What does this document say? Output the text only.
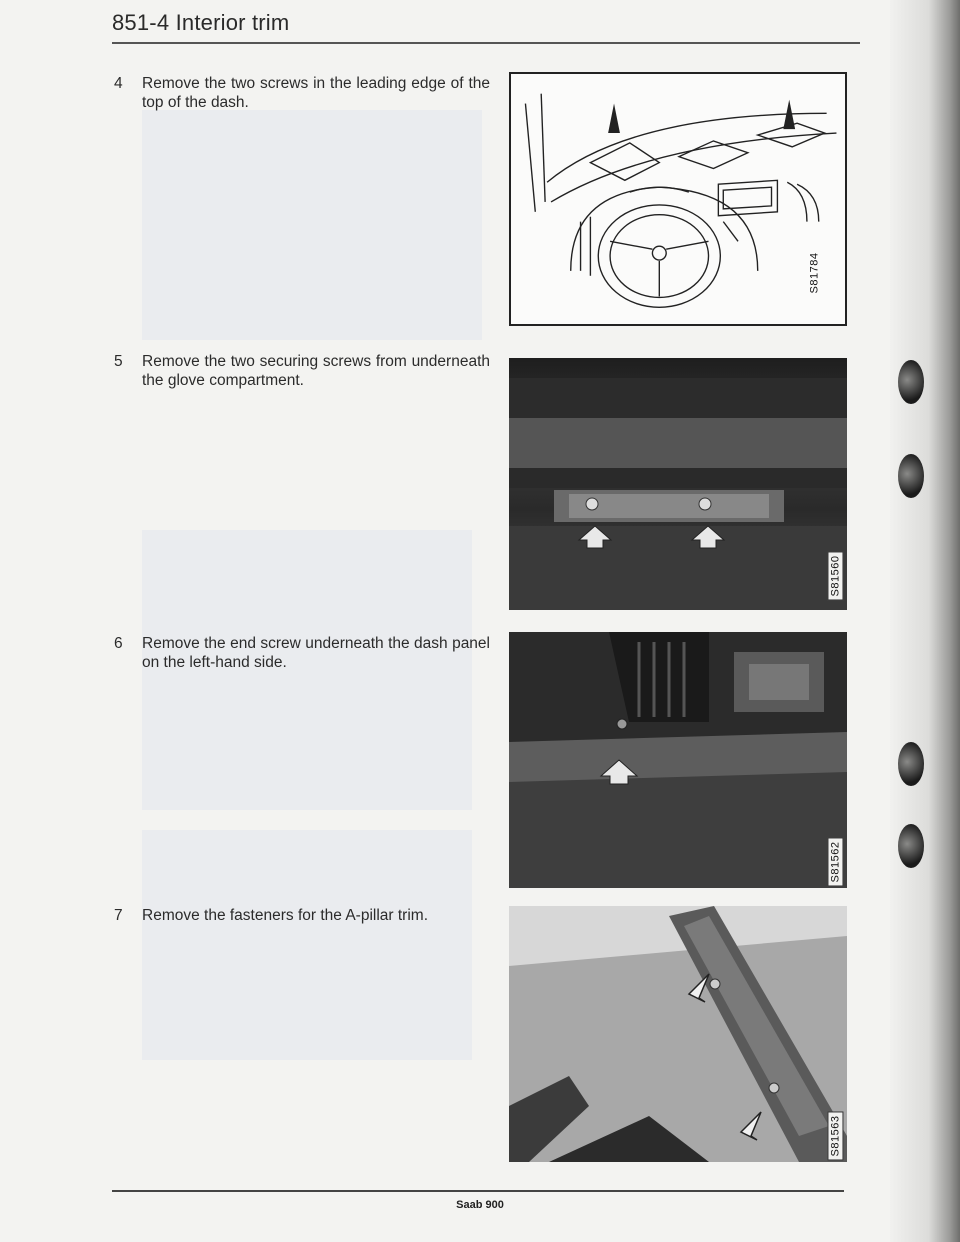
851-4 Interior trim
4 Remove the two screws in the leading edge of the top of the dash.
5 Remove the two securing screws from underneath the glove compartment.
6 Remove the end screw underneath the dash panel on the left-hand side.
7 Remove the fasteners for the A-pillar trim.
S81784
S81560
S81562
S81563
Saab 900
